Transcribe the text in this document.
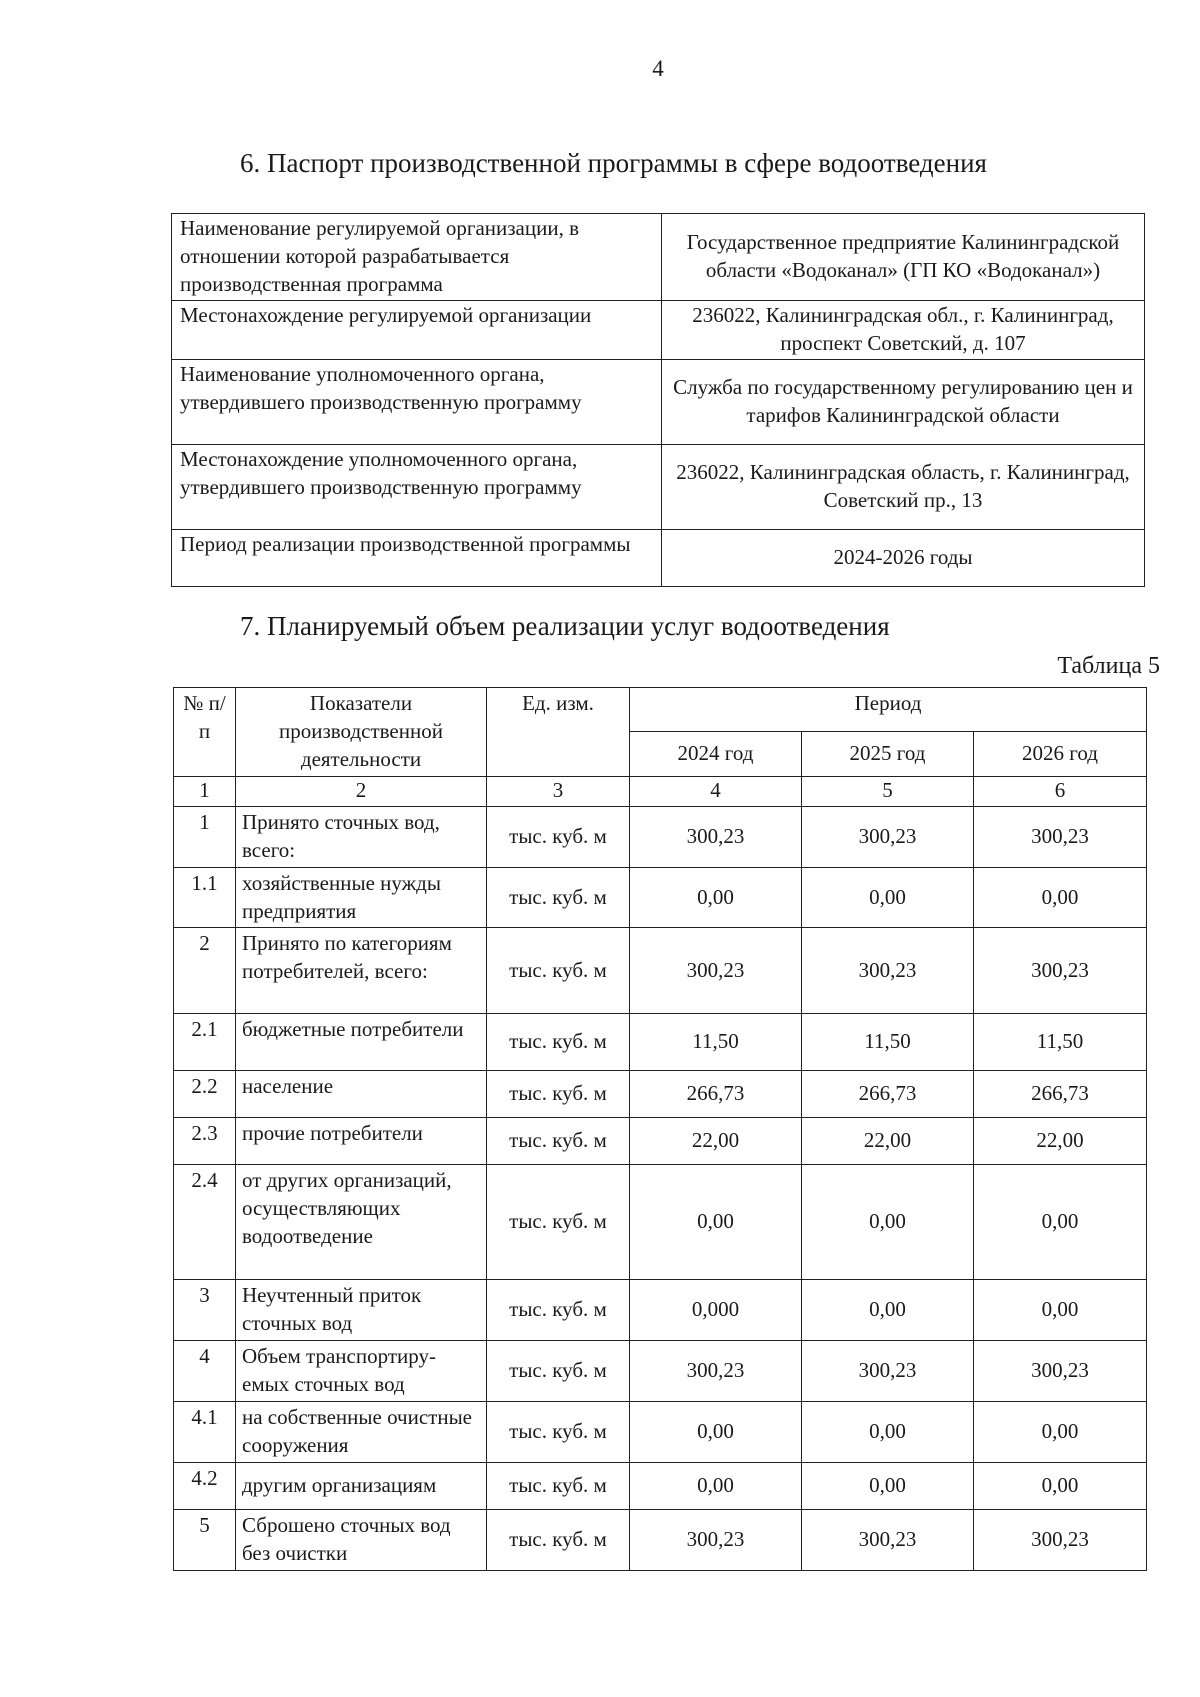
4
6. Паспорт производственной программы в сфере водоотведения
Наименование регулируемой организации, в отношении которой разрабатывается производственная программа	Государственное предприятие Калининградской области «Водоканал» (ГП КО «Водоканал»)
Местонахождение регулируемой организации	236022, Калининградская обл., г. Калининград, проспект Советский, д. 107
Наименование уполномоченного органа, утвердившего производственную программу	Служба по государственному регулированию цен и тарифов Калининградской области
Местонахождение уполномоченного органа, утвердившего производственную программу	236022, Калининградская область, г. Калининград, Советский пр., 13
Период реализации производственной программы	2024-2026 годы
7. Планируемый объем реализации услуг водоотведения
Таблица 5
№ п/п	Показатели производственной деятельности	Ед. изм.	Период		
			2024 год	2025 год	2026 год
1	2	3	4	5	6
1	Принято сточных вод, всего:	тыс. куб. м	300,23	300,23	300,23
1.1	хозяйственные нужды предприятия	тыс. куб. м	0,00	0,00	0,00
2	Принято по категориям потребителей, всего:	тыс. куб. м	300,23	300,23	300,23
2.1	бюджетные потребители	тыс. куб. м	11,50	11,50	11,50
2.2	население	тыс. куб. м	266,73	266,73	266,73
2.3	прочие потребители	тыс. куб. м	22,00	22,00	22,00
2.4	от других организаций, осуществляющих водоотведение	тыс. куб. м	0,00	0,00	0,00
3	Неучтенный приток сточных вод	тыс. куб. м	0,000	0,00	0,00
4	Объем транспортиру-емых сточных вод	тыс. куб. м	300,23	300,23	300,23
4.1	на собственные очистные сооружения	тыс. куб. м	0,00	0,00	0,00
4.2	другим организациям	тыс. куб. м	0,00	0,00	0,00
5	Сброшено сточных вод без очистки	тыс. куб. м	300,23	300,23	300,23
